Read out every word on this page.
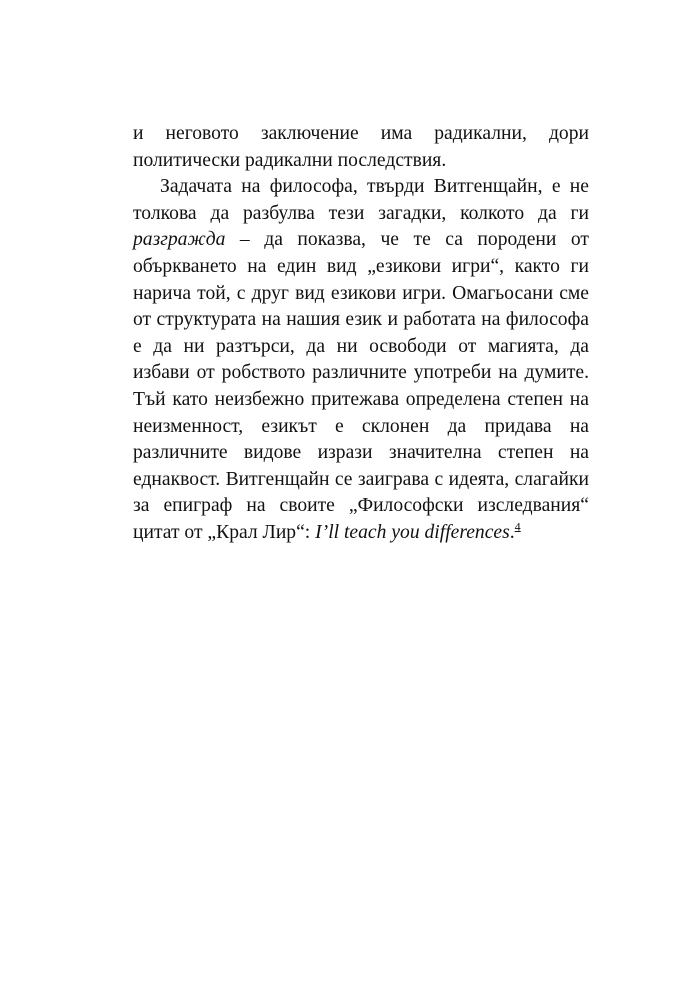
и неговото заключение има радикални, дори политически радикални последствия.

Задачата на философа, твърди Витгенщайн, е не толкова да разбулва тези загадки, колкото да ги разгражда – да показва, че те са породени от объркването на един вид „езикови игри“, както ги нарича той, с друг вид езикови игри. Омагьосани сме от структурата на нашия език и работата на философа е да ни разтърси, да ни освободи от магията, да избави от робството различните употреби на думите. Тъй като неизбежно притежава определена степен на неизменност, езикът е склонен да придава на различните видове изрази значителна степен на еднаквост. Витгенщайн се заиграва с идеята, слагайки за епиграф на своите „Философски изследвания“ цитат от „Крал Лир“: I’ll teach you differences.$^4$
